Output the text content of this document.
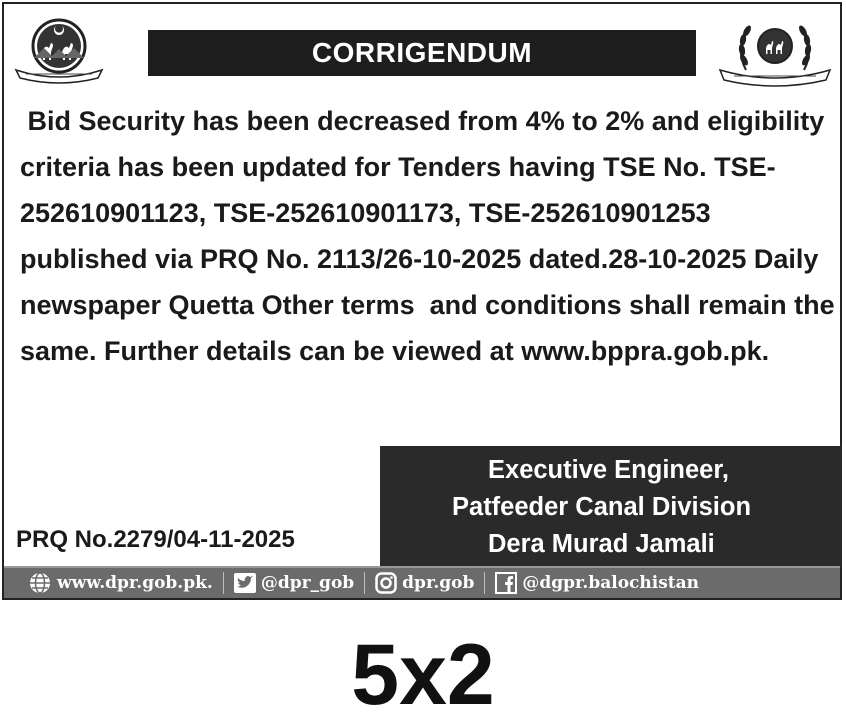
CORRIGENDUM
Bid Security has been decreased from 4% to 2% and eligibility
criteria has been updated for Tenders having TSE No. TSE-
252610901123, TSE-252610901173, TSE-252610901253
published via PRQ No. 2113/26-10-2025 dated.28-10-2025 Daily
newspaper Quetta Other terms  and conditions shall remain the
same. Further details can be viewed at www.bppra.gob.pk.
Executive Engineer,
Patfeeder Canal Division
Dera Murad Jamali
PRQ No.2279/04-11-2025
www.dpr.gob.pk.	@dpr_gob	dpr.gob	@dgpr.balochistan
5x2
